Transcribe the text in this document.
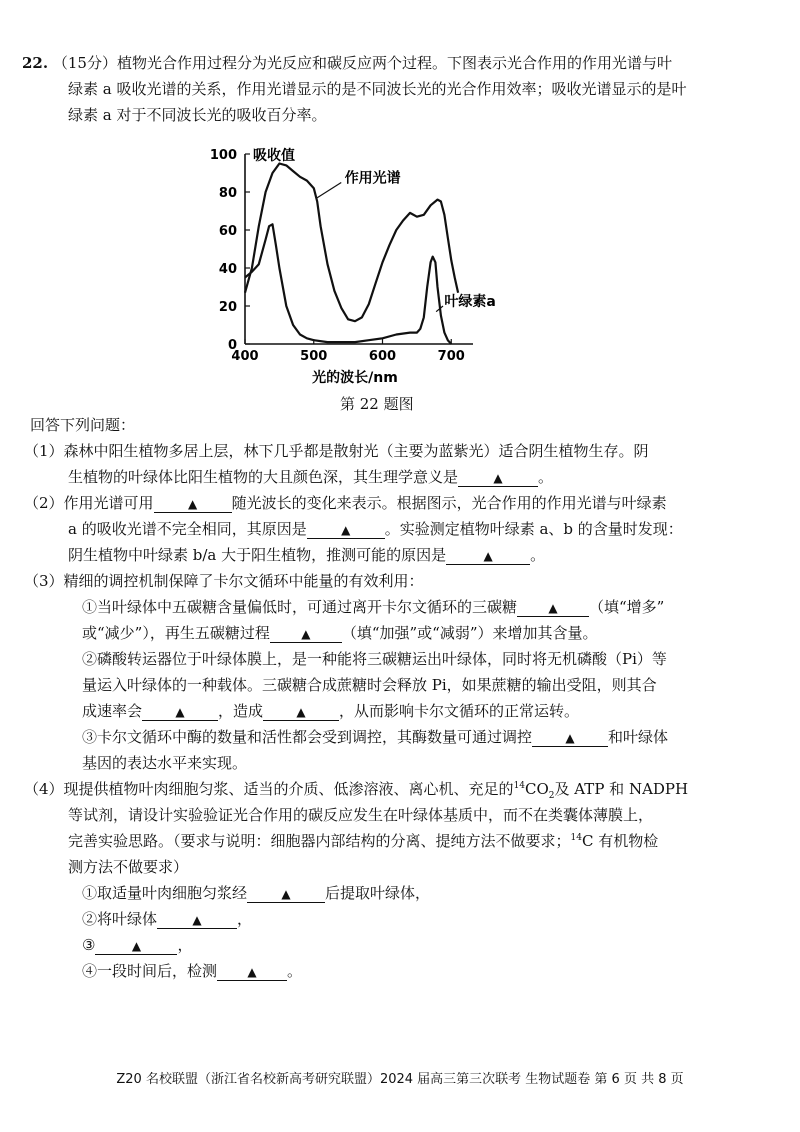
22. （15分）植物光合作用过程分为光反应和碳反应两个过程。下图表示光合作用的作用光谱与叶
绿素 a 吸收光谱的关系，作用光谱显示的是不同波长光的光合作用效率；吸收光谱显示的是叶
绿素 a 对于不同波长光的吸收百分率。
400	500	600	700
0
20
40
60
80
100 吸收值
光的波长/nm
作用光谱
叶绿素a
第 22 题图
回答下列问题：
（1）森林中阳生植物多居上层，林下几乎都是散射光（主要为蓝紫光）适合阴生植物生存。阴
生植物的叶绿体比阳生植物的大且颜色深，其生理学意义是	▲ 。
（2）作用光谱可用	▲ 随光波长的变化来表示。根据图示，光合作用的作用光谱与叶绿素
a 的吸收光谱不完全相同，其原因是	▲ 。实验测定植物叶绿素 a、b 的含量时发现：
阴生植物中叶绿素 b/a 大于阳生植物，推测可能的原因是	▲ 。
（3）精细的调控机制保障了卡尔文循环中能量的有效利用：
①当叶绿体中五碳糖含量偏低时，可通过离开卡尔文循环的三碳糖	▲ （填“增多”
或“减少”），再生五碳糖过程	▲ （填“加强”或“减弱”）来增加其含量。
②磷酸转运器位于叶绿体膜上，是一种能将三碳糖运出叶绿体，同时将无机磷酸（Pi）等
量运入叶绿体的一种载体。三碳糖合成蔗糖时会释放 Pi，如果蔗糖的输出受阻，则其合
成速率会	▲ ，造成	▲ ，从而影响卡尔文循环的正常运转。
③卡尔文循环中酶的数量和活性都会受到调控，其酶数量可通过调控	▲ 和叶绿体
基因的表达水平来实现。
（4）现提供植物叶肉细胞匀浆、适当的介质、低渗溶液、离心机、充足的$^{14}CO_2$及 ATP 和 NADPH
等试剂，请设计实验验证光合作用的碳反应发生在叶绿体基质中，而不在类囊体薄膜上，
完善实验思路。（要求与说明：细胞器内部结构的分离、提纯方法不做要求；$^{14}$C 有机物检
测方法不做要求）
①取适量叶肉细胞匀浆经	▲ 后提取叶绿体，
②将叶绿体	▲ ，
③	▲ ，
④一段时间后，检测	▲ 。
Z20 名校联盟（浙江省名校新高考研究联盟）2024 届高三第三次联考 生物试题卷 第 6 页 共 8 页
